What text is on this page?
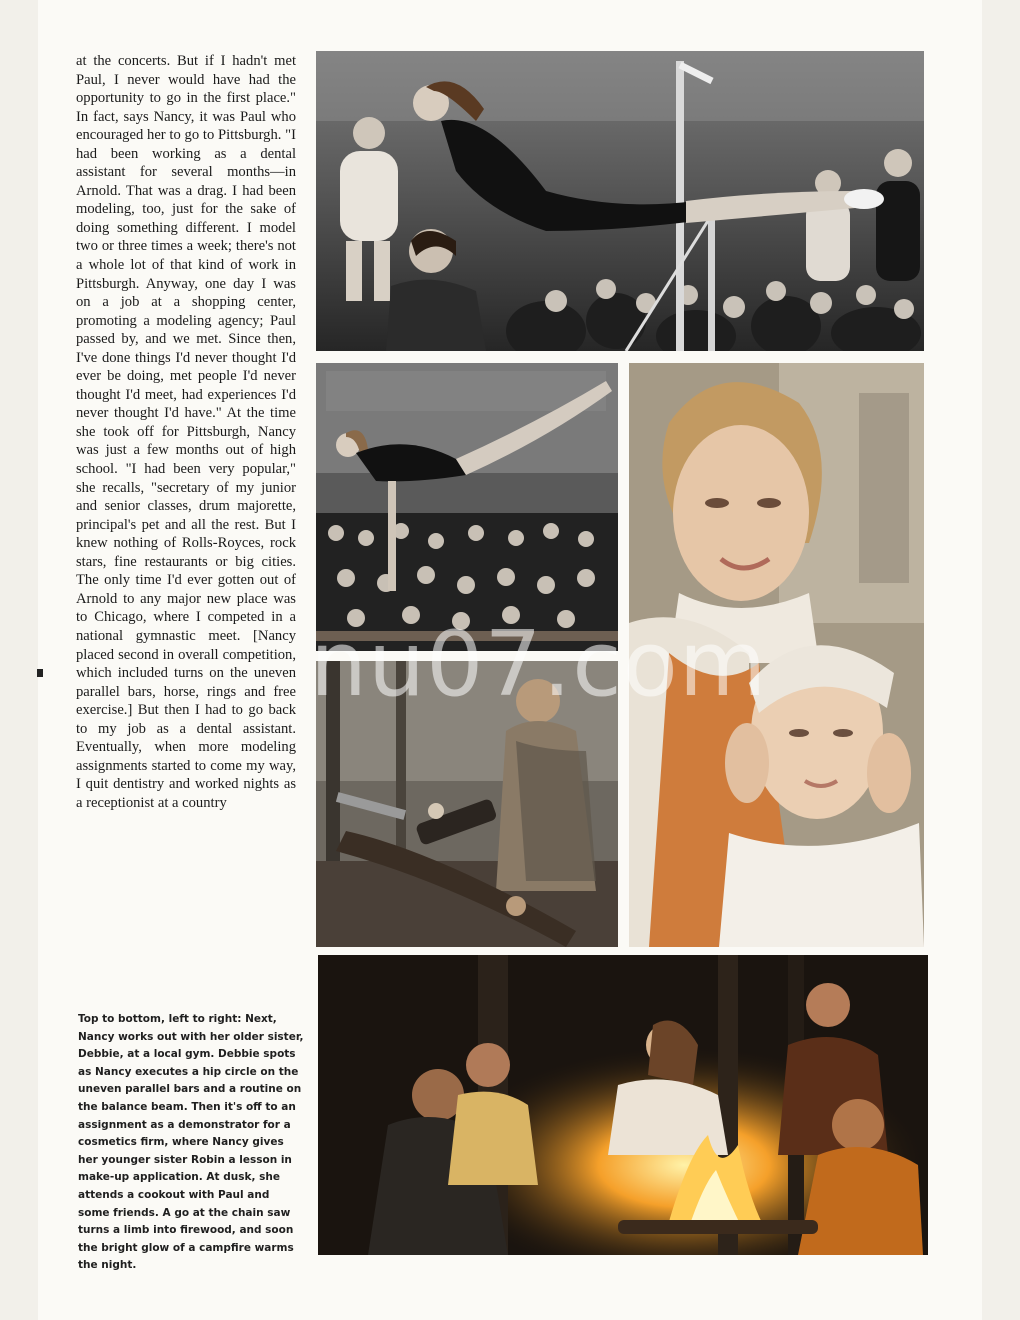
at the concerts. But if I hadn't met Paul, I never would have had the opportunity to go in the first place." In fact, says Nancy, it was Paul who encouraged her to go to Pittsburgh. "I had been working as a dental assistant for several months—in Arnold. That was a drag. I had been modeling, too, just for the sake of doing something different. I model two or three times a week; there's not a whole lot of that kind of work in Pittsburgh. Anyway, one day I was on a job at a shopping center, promoting a modeling agency; Paul passed by, and we met. Since then, I've done things I'd never thought I'd ever be doing, met people I'd never thought I'd meet, had experiences I'd never thought I'd have." At the time she took off for Pittsburgh, Nancy was just a few months out of high school. "I had been very popular," she recalls, "secretary of my junior and senior classes, drum majorette, principal's pet and all the rest. But I knew nothing of Rolls-Royces, rock stars, fine restaurants or big cities. The only time I'd ever gotten out of Arnold to any major new place was to Chicago, where I competed in a national gymnastic meet. [Nancy placed second in overall competition, which included turns on the uneven parallel bars, horse, rings and free exercise.] But then I had to go back to my job as a dental assistant. Eventually, when more modeling assignments started to come my way, I quit dentistry and worked nights as a receptionist at a country
Top to bottom, left to right: Next, Nancy works out with her older sister, Debbie, at a local gym. Debbie spots as Nancy executes a hip circle on the uneven parallel bars and a routine on the balance beam. Then it's off to an assignment as a demonstrator for a cosmetics firm, where Nancy gives her younger sister Robin a lesson in make-up application. At dusk, she attends a cookout with Paul and some friends. A go at the chain saw turns a limb into firewood, and soon the bright glow of a campfire warms the night.
nu07.com
